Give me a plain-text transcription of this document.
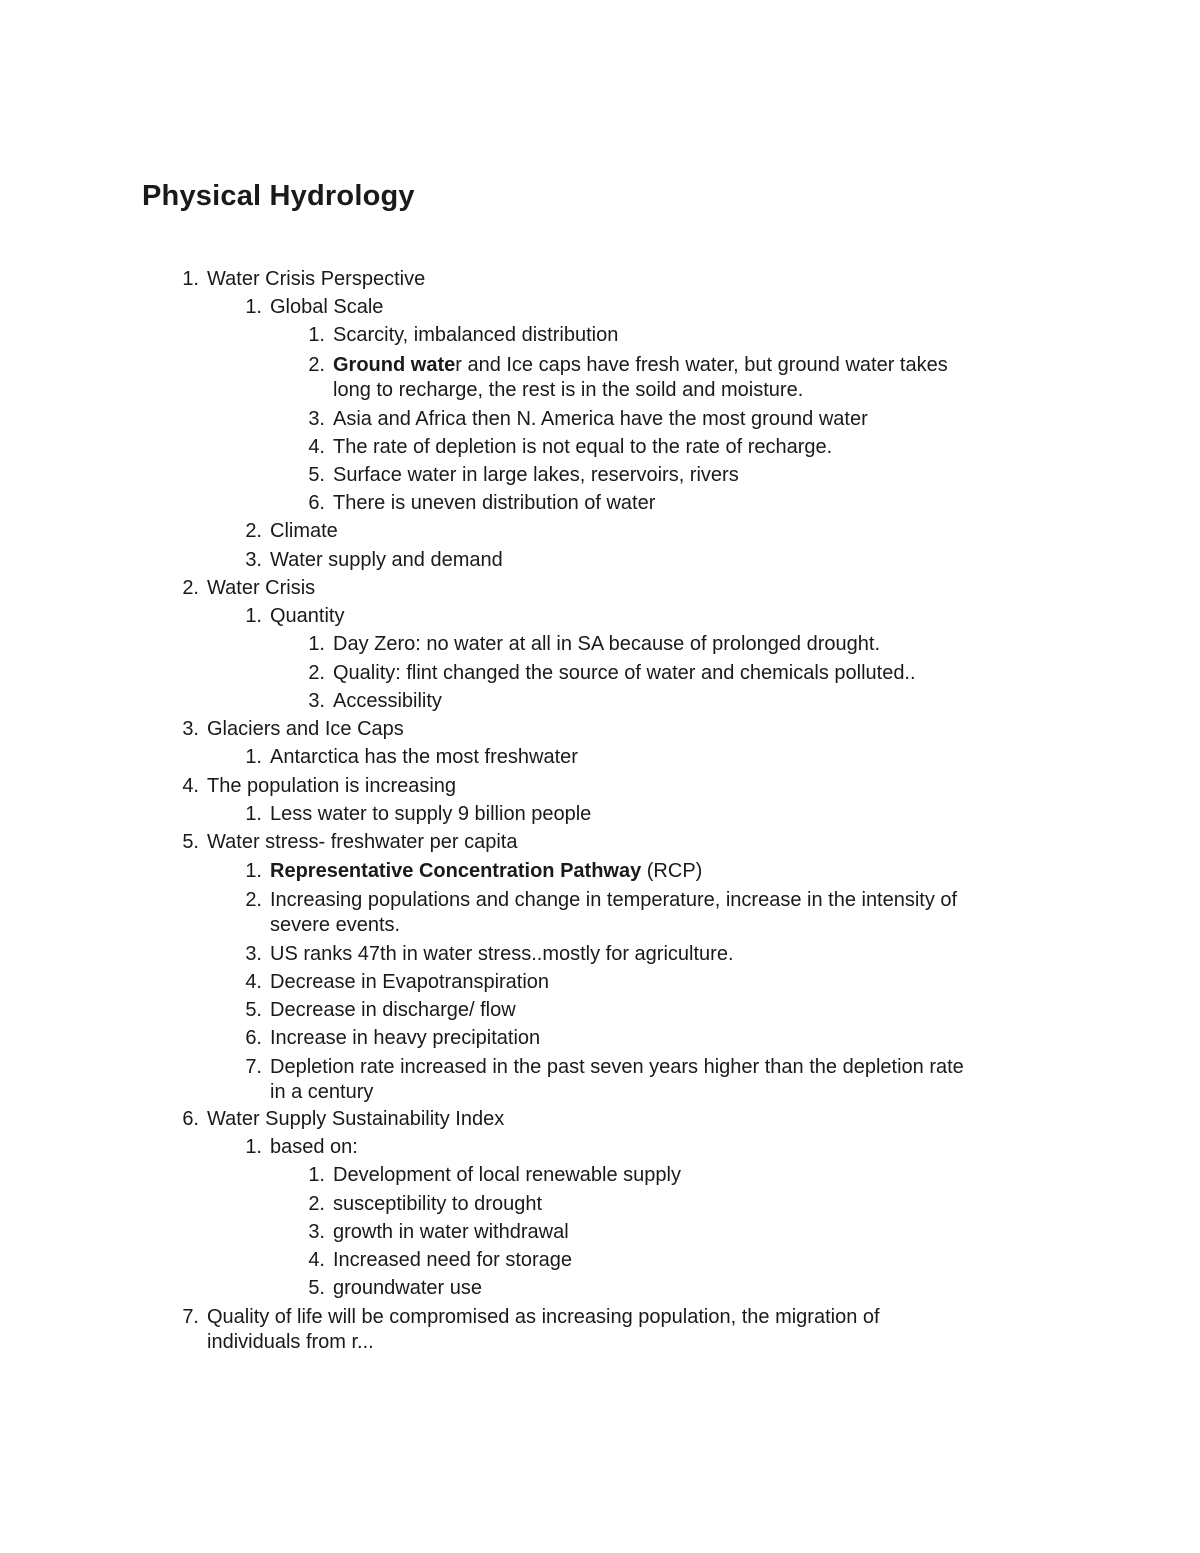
Physical Hydrology
1. Water Crisis Perspective
1. Global Scale
1. Scarcity, imbalanced distribution
2. Ground water and Ice caps have fresh water, but ground water takes
long to recharge, the rest is in the soild and moisture.
3. Asia and Africa then N. America have the most ground water
4. The rate of depletion is not equal to the rate of recharge.
5. Surface water in large lakes, reservoirs, rivers
6. There is uneven distribution of water
2. Climate
3. Water supply and demand
2. Water Crisis
1. Quantity
1. Day Zero: no water at all in SA because of prolonged drought.
2. Quality: flint changed the source of water and chemicals polluted..
3. Accessibility
3. Glaciers and Ice Caps
1. Antarctica has the most freshwater
4. The population is increasing
1. Less water to supply 9 billion people
5. Water stress- freshwater per capita
1. Representative Concentration Pathway (RCP)
2. Increasing populations and change in temperature, increase in the intensity of
severe events.
3. US ranks 47th in water stress..mostly for agriculture.
4. Decrease in Evapotranspiration
5. Decrease in discharge/ flow
6. Increase in heavy precipitation
7. Depletion rate increased in the past seven years higher than the depletion rate
in a century
6. Water Supply Sustainability Index
1. based on:
1. Development of local renewable supply
2. susceptibility to drought
3. growth in water withdrawal
4. Increased need for storage
5. groundwater use
7. Quality of life will be compromised as increasing population, the migration of
individuals from r...
